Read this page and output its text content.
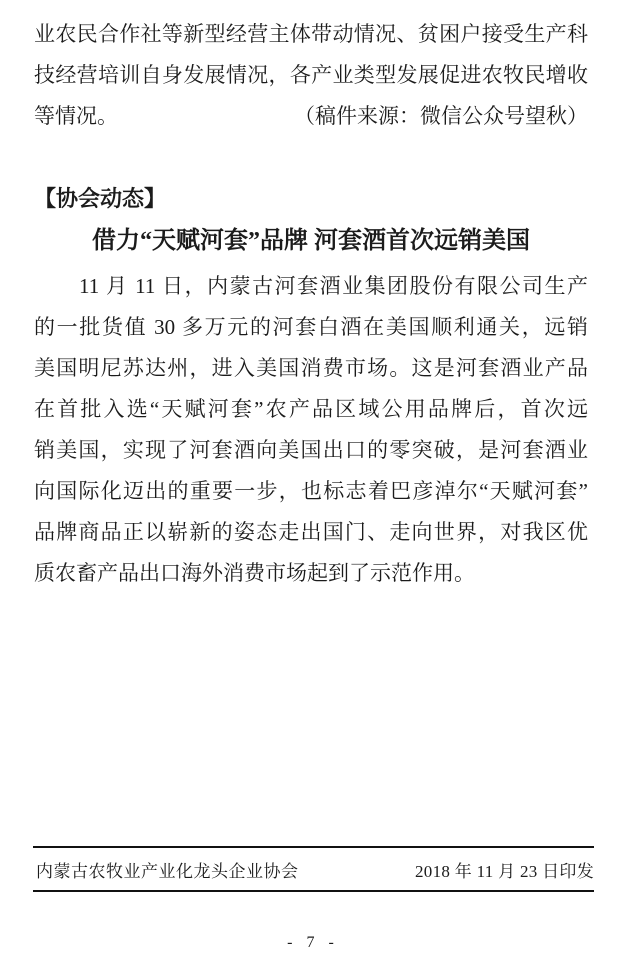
业农民合作社等新型经营主体带动情况、贫困户接受生产科
技经营培训自身发展情况，各产业类型发展促进农牧民增收
等情况。	（稿件来源：微信公众号望秋）
【协会动态】
借力“天赋河套”品牌 河套酒首次远销美国
　　11 月 11 日，内蒙古河套酒业集团股份有限公司生产
的一批货值 30 多万元的河套白酒在美国顺利通关，远销
美国明尼苏达州，进入美国消费市场。这是河套酒业产品
在首批入选“天赋河套”农产品区域公用品牌后，首次远
销美国，实现了河套酒向美国出口的零突破，是河套酒业
向国际化迈出的重要一步，也标志着巴彦淖尔“天赋河套”
品牌商品正以崭新的姿态走出国门、走向世界，对我区优
质农畜产品出口海外消费市场起到了示范作用。
内蒙古农牧业产业化龙头企业协会	2018 年 11 月 23 日印发
- 7 -
